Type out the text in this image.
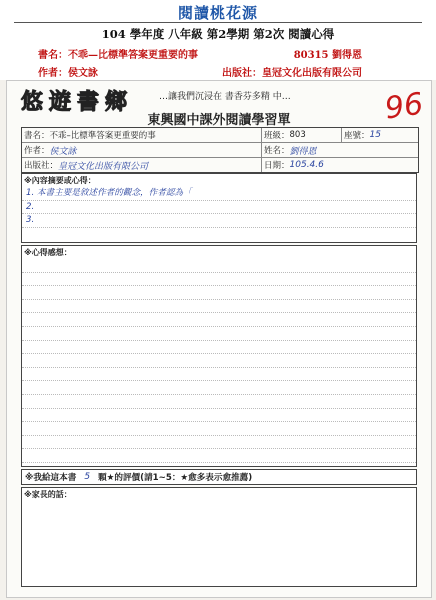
閱讀桃花源
104 學年度 八年級 第2學期 第2次 閱讀心得
書名：不乖—比標準答案更重要的事	80315 劉得恩
作者：侯文詠	出版社：皇冠文化出版有限公司
悠遊書鄉	…讓我們沉浸在 書香芬多精 中…	96
東興國中課外閱讀學習單
書名： 不乖–比標準答案更重要的事	班級： 803	座號： 15
作者： 侯文詠	姓名： 劉得恩
出版社： 皇冠文化出版有限公司	日期： 105.4.6
※內容摘要或心得：
1. 本書主要是敘述作者的觀念，作者認為「
2.
3.
※心得感想：
※我給這本書 5 顆★的評價(請1~5：★愈多表示愈推薦)
※家長的話：
